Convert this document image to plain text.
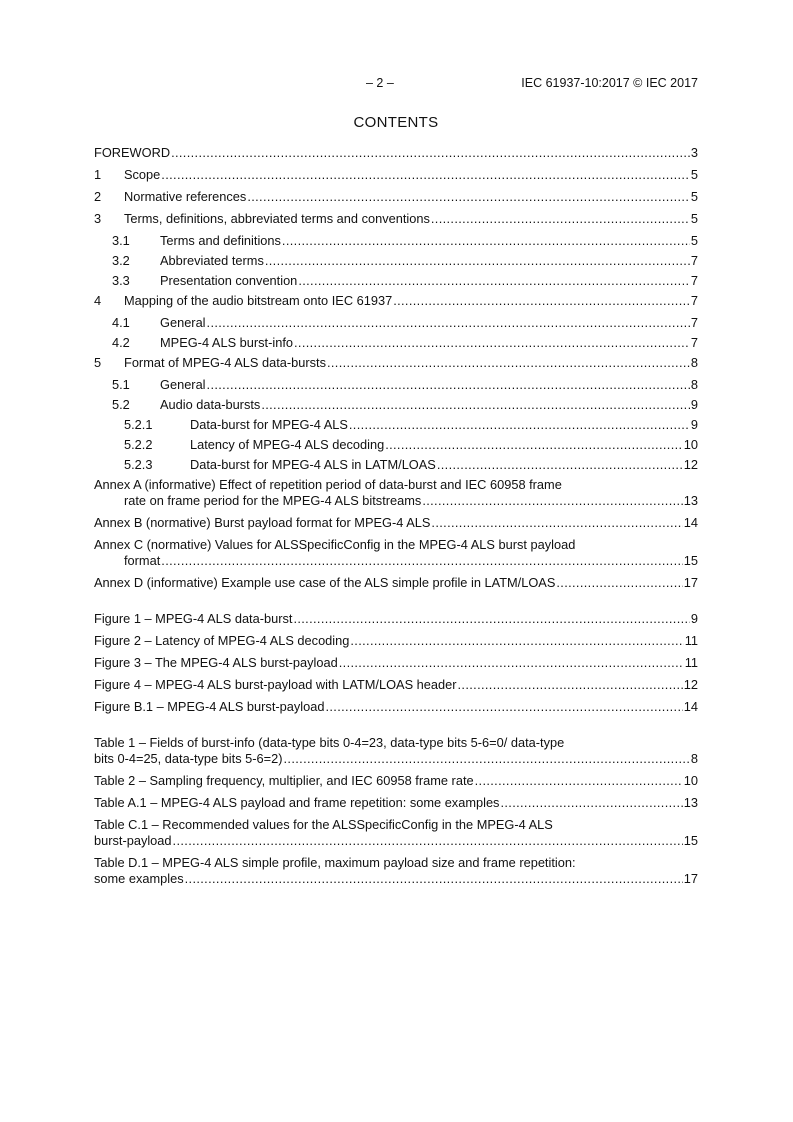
– 2 –	IEC 61937-10:2017 © IEC 2017
CONTENTS
FOREWORD . . .	3
1	Scope . . .	5
2	Normative references . . .	5
3	Terms, definitions, abbreviated terms and conventions . . .	5
3.1	Terms and definitions . . .	5
3.2	Abbreviated terms . . .	7
3.3	Presentation convention . . .	7
4	Mapping of the audio bitstream onto IEC 61937 . . .	7
4.1	General . . .	7
4.2	MPEG-4 ALS burst-info . . .	7
5	Format of MPEG-4 ALS data-bursts . . .	8
5.1	General . . .	8
5.2	Audio data-bursts . . .	9
5.2.1	Data-burst for MPEG-4 ALS . . .	9
5.2.2	Latency of MPEG-4 ALS decoding . . .	10
5.2.3	Data-burst for MPEG-4 ALS in LATM/LOAS . . .	12
Annex A (informative) Effect of repetition period of data-burst and IEC 60958 frame
rate on frame period for the MPEG-4 ALS bitstreams . . .	13
Annex B (normative) Burst payload format for MPEG-4 ALS . . .	14
Annex C (normative) Values for ALSSpecificConfig in the MPEG-4 ALS burst payload
format . . .	15
Annex D (informative) Example use case of the ALS simple profile in LATM/LOAS . . .	17
Figure 1 – MPEG-4 ALS data-burst . . .	9
Figure 2 – Latency of MPEG-4 ALS decoding . . .	11
Figure 3 – The MPEG-4 ALS burst-payload . . .	11
Figure 4 – MPEG-4 ALS burst-payload with LATM/LOAS header . . .	12
Figure B.1 – MPEG-4 ALS burst-payload . . .	14
Table 1 – Fields of burst-info (data-type bits 0-4=23, data-type bits 5-6=0/ data-type
bits 0-4=25, data-type bits 5-6=2) . . .	8
Table 2 – Sampling frequency, multiplier, and IEC 60958 frame rate . . .	10
Table A.1 – MPEG-4 ALS payload and frame repetition: some examples . . .	13
Table C.1 – Recommended values for the ALSSpecificConfig in the MPEG-4 ALS
burst-payload . . .	15
Table D.1 – MPEG-4 ALS simple profile, maximum payload size and frame repetition:
some examples . . .	17
